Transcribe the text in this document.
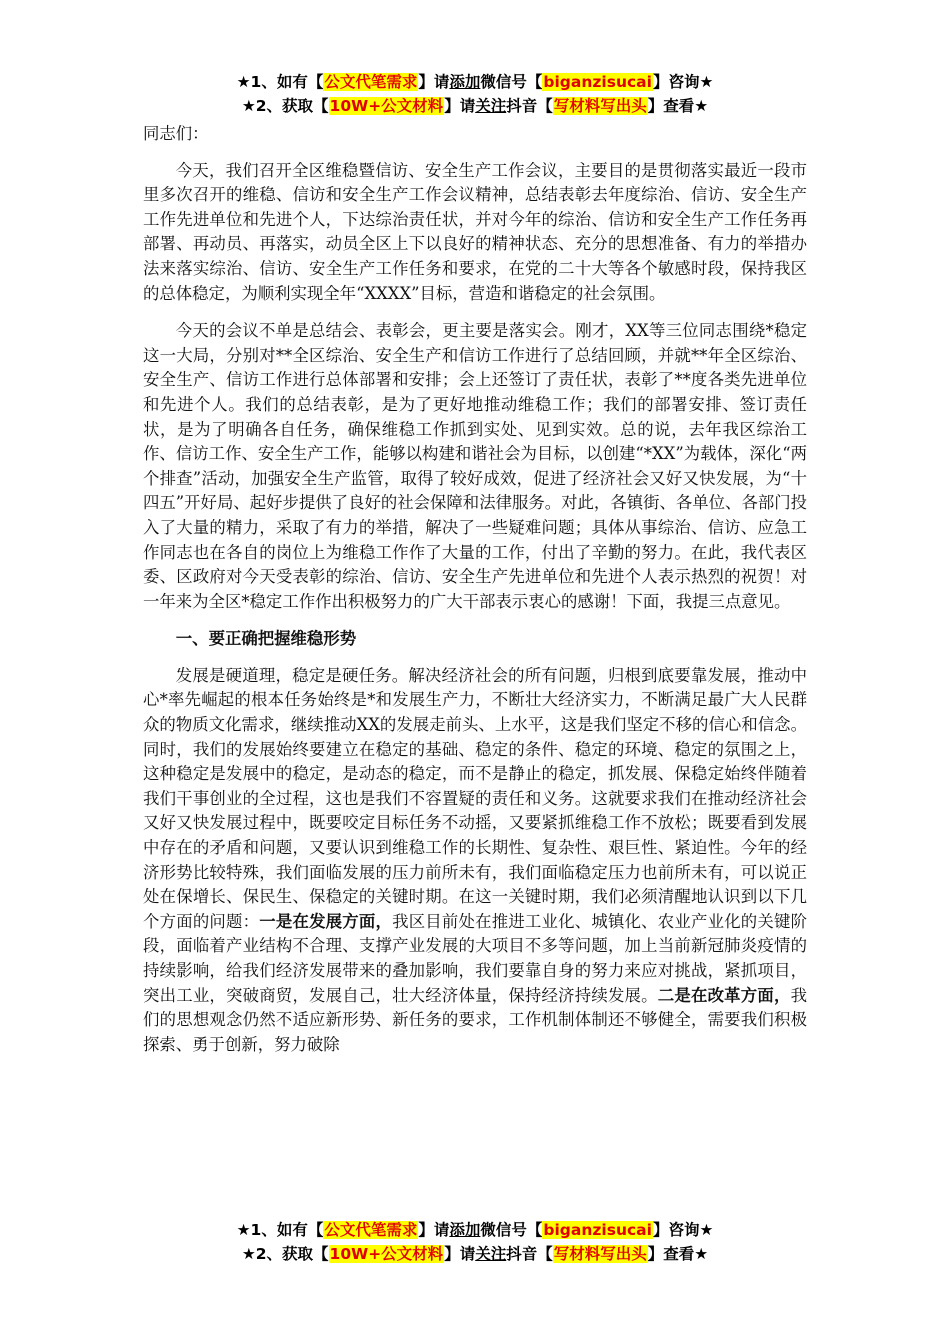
★1、如有【公文代笔需求】请添加微信号【biganzisucai】咨询★
★2、获取【10W+公文材料】请关注抖音【写材料写出头】查看★
同志们：

今天，我们召开全区维稳暨信访、安全生产工作会议，主要目的是贯彻落实最近一段市里多次召开的维稳、信访和安全生产工作会议精神，总结表彰去年度综治、信访、安全生产工作先进单位和先进个人，下达综治责任状，并对今年的综治、信访和安全生产工作任务再部署、再动员、再落实，动员全区上下以良好的精神状态、充分的思想准备、有力的举措办法来落实综治、信访、安全生产工作任务和要求，在党的二十大等各个敏感时段，保持我区的总体稳定，为顺利实现全年“XXXX”目标，营造和谐稳定的社会氛围。

今天的会议不单是总结会、表彰会，更主要是落实会。刚才，XX等三位同志围绕*稳定这一大局，分别对**全区综治、安全生产和信访工作进行了总结回顾，并就**年全区综治、安全生产、信访工作进行总体部署和安排；会上还签订了责任状，表彰了**度各类先进单位和先进个人。我们的总结表彰，是为了更好地推动维稳工作；我们的部署安排、签订责任状，是为了明确各自任务，确保维稳工作抓到实处、见到实效。总的说，去年我区综治工作、信访工作、安全生产工作，能够以构建和谐社会为目标，以创建“*XX”为载体，深化“两个排查”活动，加强安全生产监管，取得了较好成效，促进了经济社会又好又快发展，为“十四五”开好局、起好步提供了良好的社会保障和法律服务。对此，各镇街、各单位、各部门投入了大量的精力，采取了有力的举措，解决了一些疑难问题；具体从事综治、信访、应急工作同志也在各自的岗位上为维稳工作作了大量的工作，付出了辛勤的努力。在此，我代表区委、区政府对今天受表彰的综治、信访、安全生产先进单位和先进个人表示热烈的祝贺！对一年来为全区*稳定工作作出积极努力的广大干部表示衷心的感谢！下面，我提三点意见。

一、要正确把握维稳形势

发展是硬道理，稳定是硬任务。解决经济社会的所有问题，归根到底要靠发展，推动中心*率先崛起的根本任务始终是*和发展生产力，不断壮大经济实力，不断满足最广大人民群众的物质文化需求，继续推动XX的发展走前头、上水平，这是我们坚定不移的信心和信念。同时，我们的发展始终要建立在稳定的基础、稳定的条件、稳定的环境、稳定的氛围之上，这种稳定是发展中的稳定，是动态的稳定，而不是静止的稳定，抓发展、保稳定始终伴随着我们干事创业的全过程，这也是我们不容置疑的责任和义务。这就要求我们在推动经济社会又好又快发展过程中，既要咬定目标任务不动摇，又要紧抓维稳工作不放松；既要看到发展中存在的矛盾和问题，又要认识到维稳工作的长期性、复杂性、艰巨性、紧迫性。今年的经济形势比较特殊，我们面临发展的压力前所未有，我们面临稳定压力也前所未有，可以说正处在保增长、保民生、保稳定的关键时期。在这一关键时期，我们必须清醒地认识到以下几个方面的问题：一是在发展方面，我区目前处在推进工业化、城镇化、农业产业化的关键阶段，面临着产业结构不合理、支撑产业发展的大项目不多等问题，加上当前新冠肺炎疫情的持续影响，给我们经济发展带来的叠加影响，我们要靠自身的努力来应对挑战，紧抓项目，突出工业，突破商贸，发展自己，壮大经济体量，保持经济持续发展。二是在改革方面，我们的思想观念仍然不适应新形势、新任务的要求，工作机制体制还不够健全，需要我们积极探索、勇于创新，努力破除

★1、如有【公文代笔需求】请添加微信号【biganzisucai】咨询★
★2、获取【10W+公文材料】请关注抖音【写材料写出头】查看★
